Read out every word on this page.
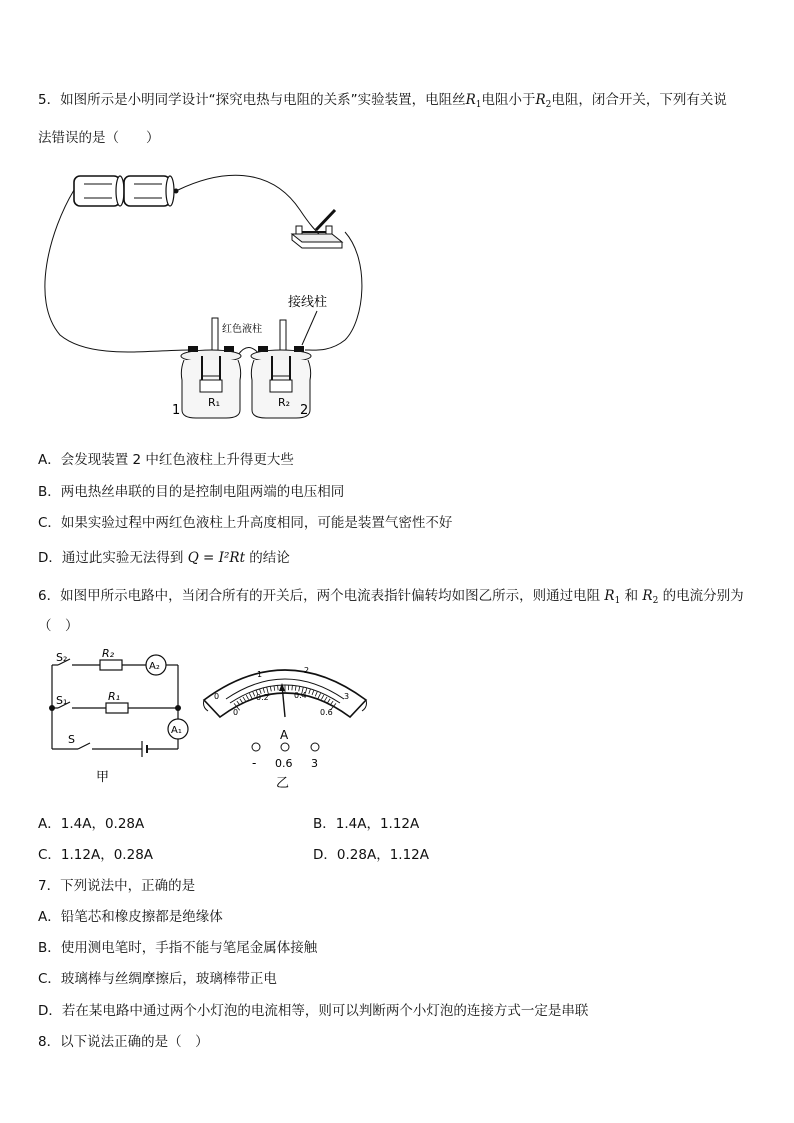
5．如图所示是小明同学设计“探究电热与电阻的关系”实验装置，电阻丝$R_1$电阻小于$R_2$电阻，闭合开关，下列有关说
法错误的是（　　）
接线柱
红色液柱
R₁
1
R₂
2
A．会发现装置 2 中红色液柱上升得更大些
B．两电热丝串联的目的是控制电阻两端的电压相同
C．如果实验过程中两红色液柱上升高度相同，可能是装置气密性不好
D．通过此实验无法得到 Q = I²Rt 的结论
6．如图甲所示电路中，当闭合所有的开关后，两个电流表指针偏转均如图乙所示，则通过电阻 $R_1$ 和 $R_2$ 的电流分别为
（　）
S₂	R₂
A₂
S₁	R₁
A₁
S
甲
0
1	2
3
0
0.2	0.4
0.6
A
- 0.6 3
乙
A．1.4A，0.28A	B．1.4A，1.12A
C．1.12A，0.28A	D．0.28A，1.12A
7．下列说法中，正确的是
A．铅笔芯和橡皮擦都是绝缘体
B．使用测电笔时，手指不能与笔尾金属体接触
C．玻璃棒与丝绸摩擦后，玻璃棒带正电
D．若在某电路中通过两个小灯泡的电流相等，则可以判断两个小灯泡的连接方式一定是串联
8．以下说法正确的是（　）
